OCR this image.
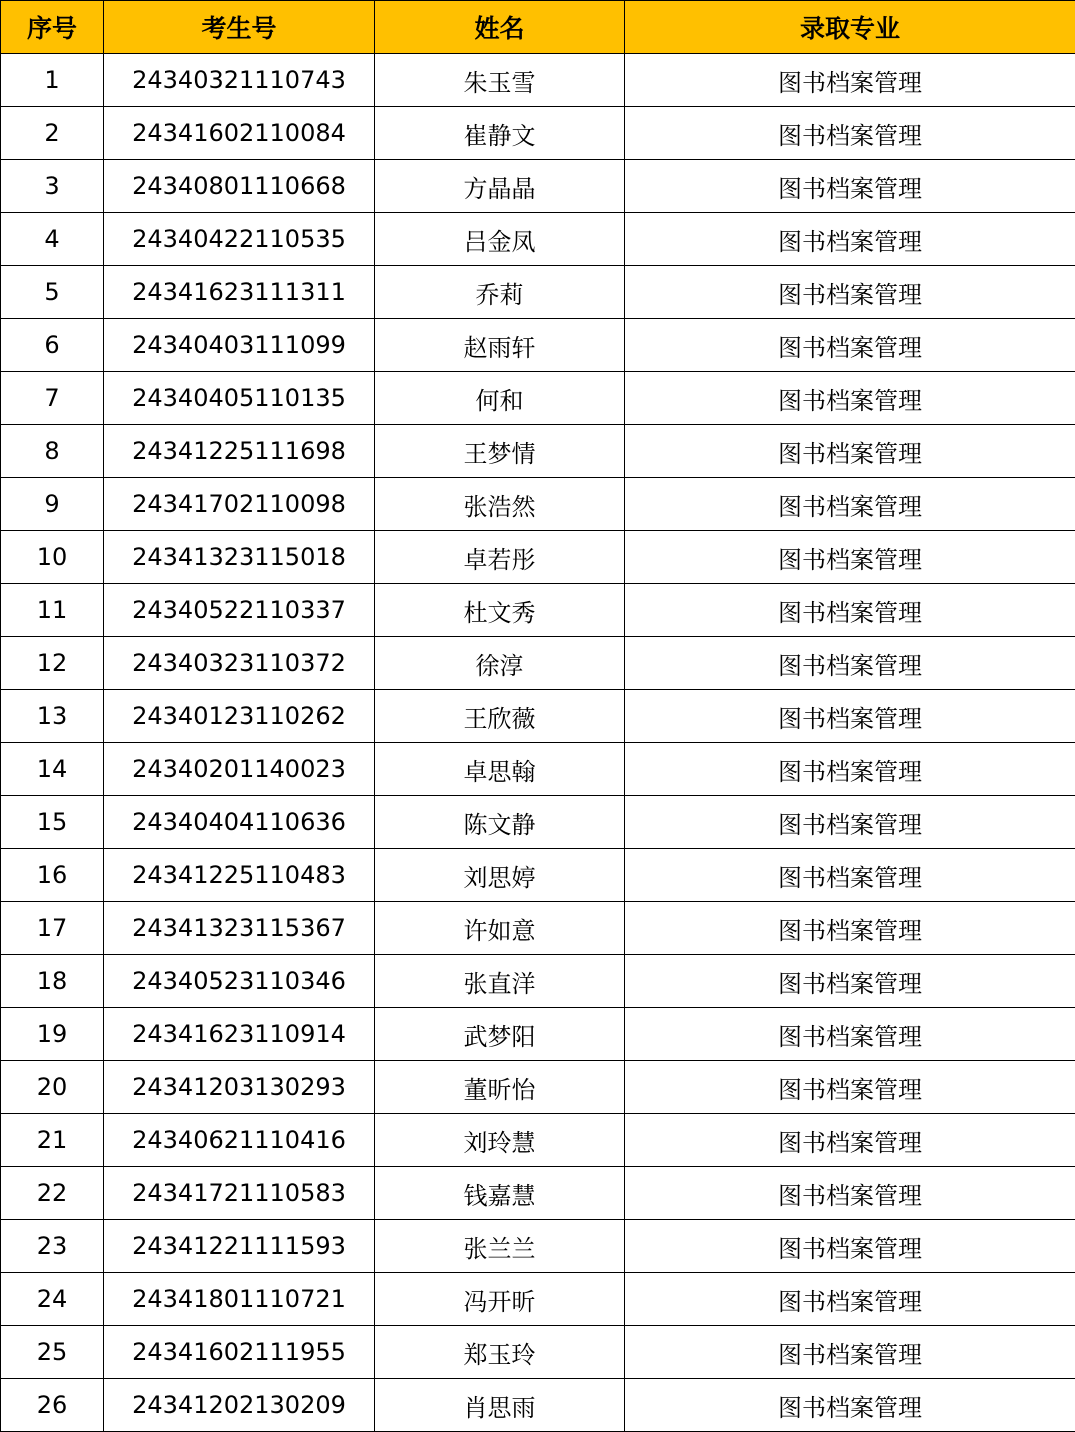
序号	考生号	姓名	录取专业
1	24340321110743	朱玉雪	图书档案管理
2	24341602110084	崔静文	图书档案管理
3	24340801110668	方晶晶	图书档案管理
4	24340422110535	吕金凤	图书档案管理
5	24341623111311	乔莉	图书档案管理
6	24340403111099	赵雨轩	图书档案管理
7	24340405110135	何和	图书档案管理
8	24341225111698	王梦情	图书档案管理
9	24341702110098	张浩然	图书档案管理
10	24341323115018	卓若彤	图书档案管理
11	24340522110337	杜文秀	图书档案管理
12	24340323110372	徐淳	图书档案管理
13	24340123110262	王欣薇	图书档案管理
14	24340201140023	卓思翰	图书档案管理
15	24340404110636	陈文静	图书档案管理
16	24341225110483	刘思婷	图书档案管理
17	24341323115367	许如意	图书档案管理
18	24340523110346	张直洋	图书档案管理
19	24341623110914	武梦阳	图书档案管理
20	24341203130293	董昕怡	图书档案管理
21	24340621110416	刘玲慧	图书档案管理
22	24341721110583	钱嘉慧	图书档案管理
23	24341221111593	张兰兰	图书档案管理
24	24341801110721	冯开昕	图书档案管理
25	24341602111955	郑玉玲	图书档案管理
26	24341202130209	肖思雨	图书档案管理
